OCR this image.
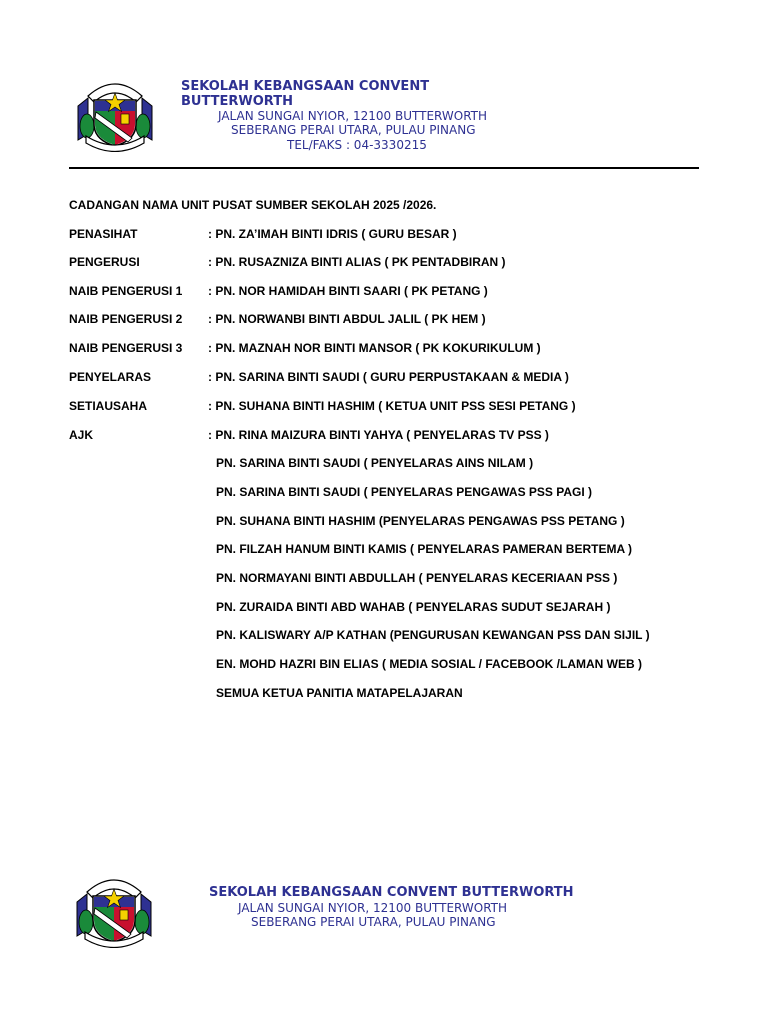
SEKOLAH KEBANGSAAN CONVENT BUTTERWORTH
JALAN SUNGAI NYIOR, 12100 BUTTERWORTH
SEBERANG PERAI UTARA, PULAU PINANG
TEL/FAKS : 04-3330215
CADANGAN NAMA UNIT PUSAT SUMBER SEKOLAH 2025 /2026.
PENASIHAT	: PN. ZA’IMAH BINTI IDRIS ( GURU BESAR )
PENGERUSI	: PN. RUSAZNIZA BINTI ALIAS ( PK PENTADBIRAN )
NAIB PENGERUSI 1 : PN. NOR HAMIDAH BINTI SAARI ( PK PETANG )
NAIB PENGERUSI 2 : PN. NORWANBI BINTI ABDUL JALIL ( PK HEM )
NAIB PENGERUSI 3 : PN. MAZNAH NOR BINTI MANSOR ( PK KOKURIKULUM )
PENYELARAS	: PN. SARINA BINTI SAUDI ( GURU PERPUSTAKAAN & MEDIA )
SETIAUSAHA	: PN. SUHANA BINTI HASHIM ( KETUA UNIT PSS SESI PETANG )
AJK	: PN. RINA MAIZURA BINTI YAHYA ( PENYELARAS TV PSS )
PN. SARINA BINTI SAUDI ( PENYELARAS AINS NILAM )
PN. SARINA BINTI SAUDI ( PENYELARAS PENGAWAS PSS PAGI )
PN. SUHANA BINTI HASHIM (PENYELARAS PENGAWAS PSS PETANG )
PN. FILZAH HANUM BINTI KAMIS ( PENYELARAS PAMERAN BERTEMA )
PN. NORMAYANI BINTI ABDULLAH ( PENYELARAS KECERIAAN PSS )
PN. ZURAIDA BINTI ABD WAHAB ( PENYELARAS SUDUT SEJARAH )
PN. KALISWARY A/P KATHAN (PENGURUSAN KEWANGAN PSS DAN SIJIL )
EN. MOHD HAZRI BIN ELIAS ( MEDIA SOSIAL / FACEBOOK /LAMAN WEB )
SEMUA KETUA PANITIA MATAPELAJARAN
SEKOLAH KEBANGSAAN CONVENT BUTTERWORTH
JALAN SUNGAI NYIOR, 12100 BUTTERWORTH
SEBERANG PERAI UTARA, PULAU PINANG
